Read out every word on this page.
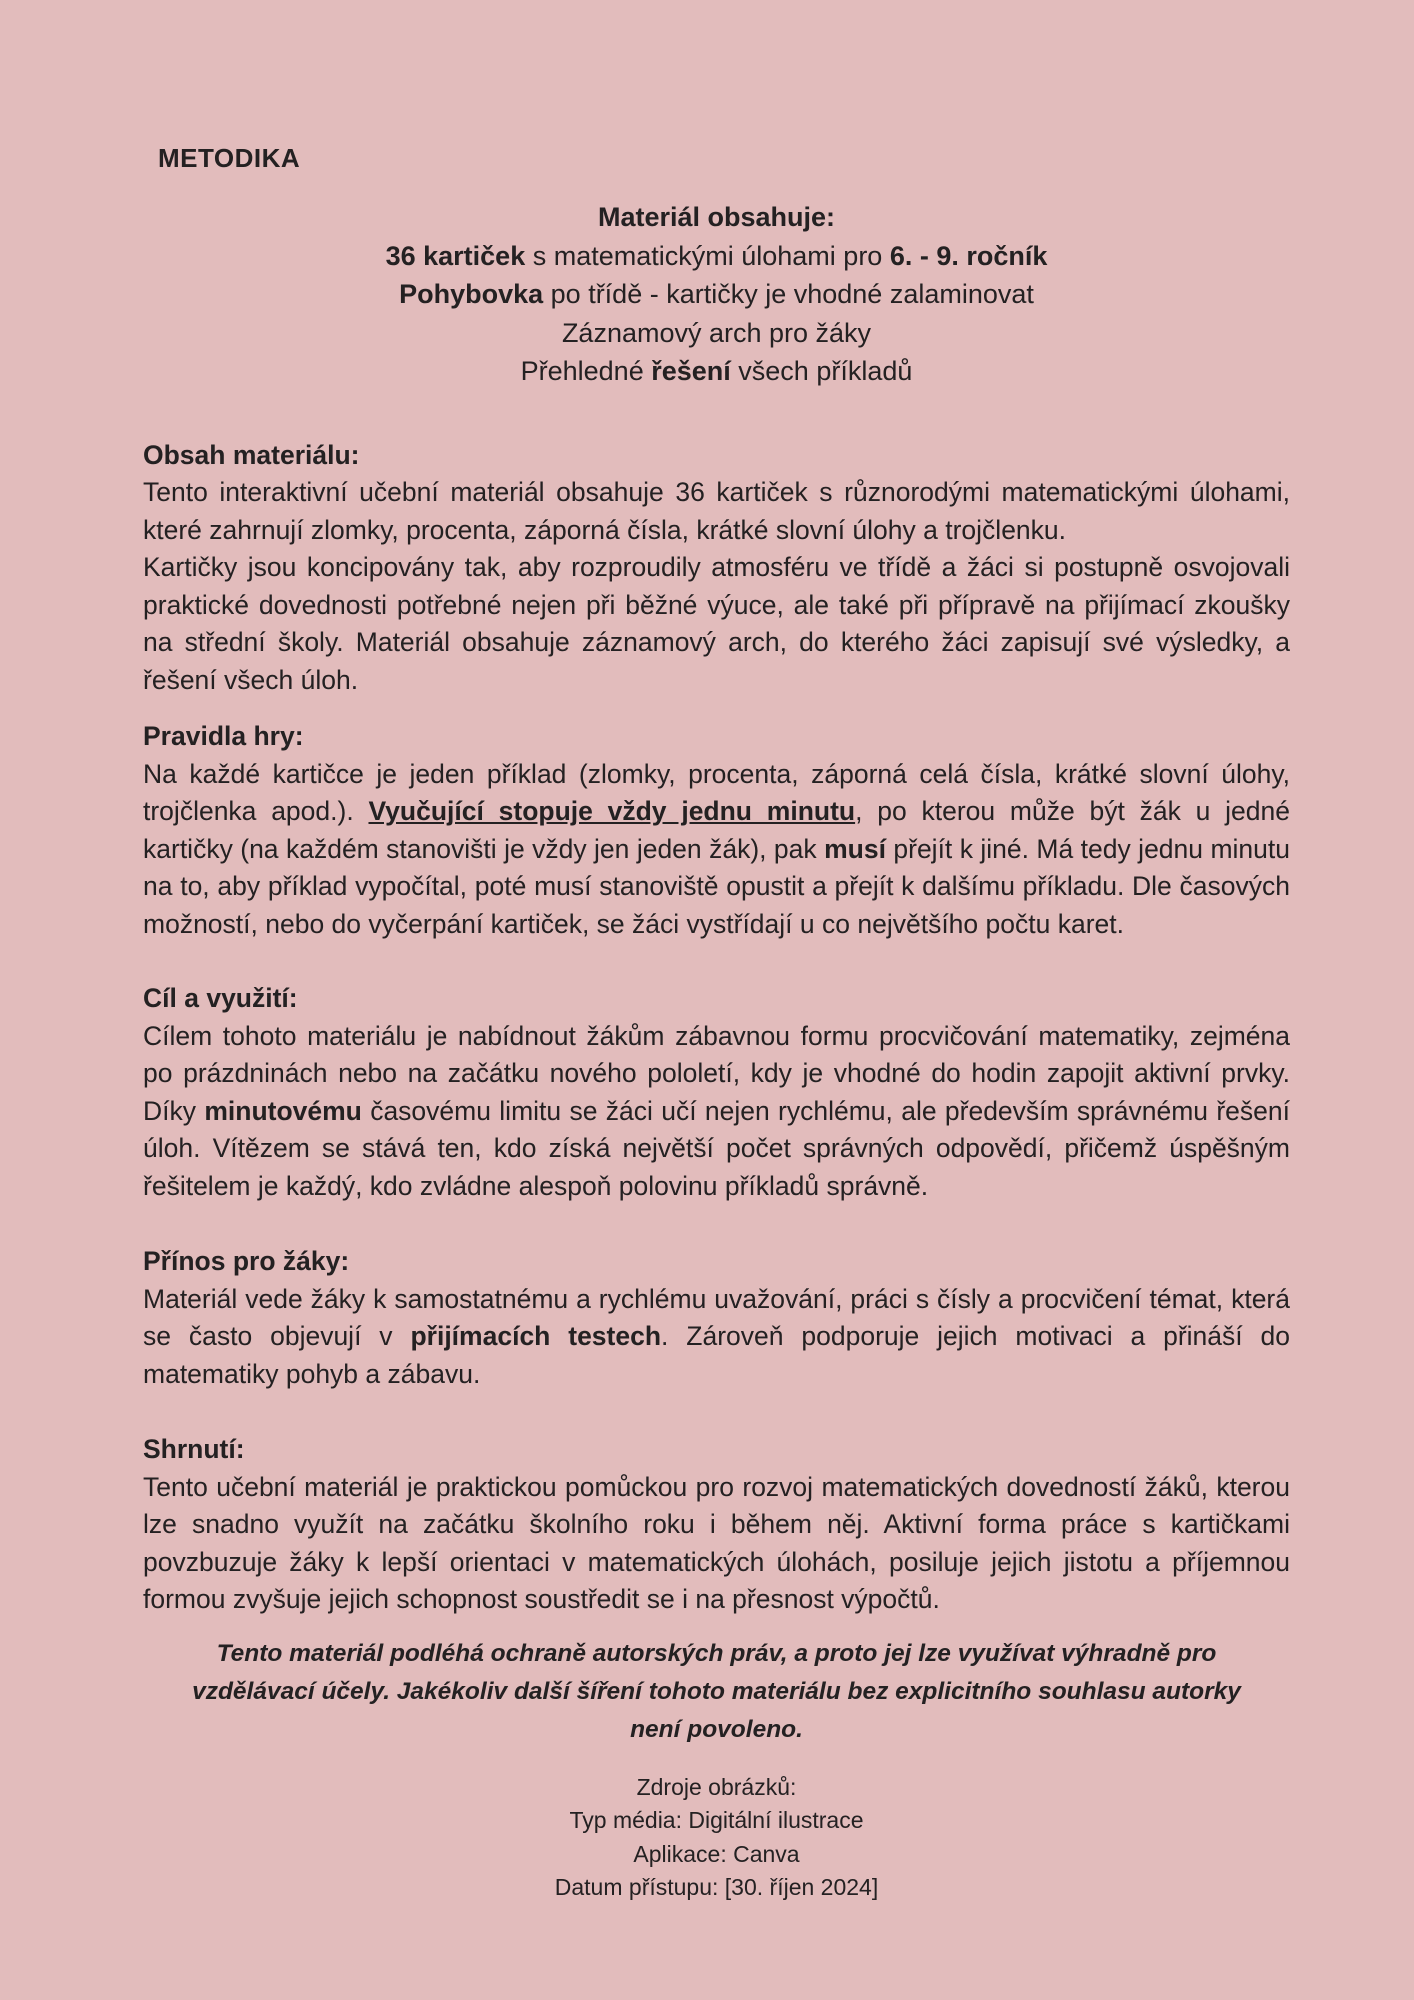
METODIKA
Materiál obsahuje:
36 kartiček s matematickými úlohami pro 6. - 9. ročník
Pohybovka po třídě - kartičky je vhodné zalaminovat
Záznamový arch pro žáky
Přehledné řešení všech příkladů
Obsah materiálu:

Tento interaktivní učební materiál obsahuje 36 kartiček s různorodými matematickými úlohami, které zahrnují zlomky, procenta, záporná čísla, krátké slovní úlohy a trojčlenku.
Kartičky jsou koncipovány tak, aby rozproudily atmosféru ve třídě a žáci si postupně osvojovali praktické dovednosti potřebné nejen při běžné výuce, ale také při přípravě na přijímací zkoušky na střední školy. Materiál obsahuje záznamový arch, do kterého žáci zapisují své výsledky, a řešení všech úloh.

Pravidla hry:

Na každé kartičce je jeden příklad (zlomky, procenta, záporná celá čísla, krátké slovní úlohy, trojčlenka apod.). Vyučující stopuje vždy jednu minutu, po kterou může být žák u jedné kartičky (na každém stanovišti je vždy jen jeden žák), pak musí přejít k jiné. Má tedy jednu minutu na to, aby příklad vypočítal, poté musí stanoviště opustit a přejít k dalšímu příkladu. Dle časových možností, nebo do vyčerpání kartiček, se žáci vystřídají u co největšího počtu karet.

Cíl a využití:

Cílem tohoto materiálu je nabídnout žákům zábavnou formu procvičování matematiky, zejména po prázdninách nebo na začátku nového pololetí, kdy je vhodné do hodin zapojit aktivní prvky. Díky minutovému časovému limitu se žáci učí nejen rychlému, ale především správnému řešení úloh. Vítězem se stává ten, kdo získá největší počet správných odpovědí, přičemž úspěšným řešitelem je každý, kdo zvládne alespoň polovinu příkladů správně.

Přínos pro žáky:

Materiál vede žáky k samostatnému a rychlému uvažování, práci s čísly a procvičení témat, která se často objevují v přijímacích testech. Zároveň podporuje jejich motivaci a přináší do matematiky pohyb a zábavu.

Shrnutí:

Tento učební materiál je praktickou pomůckou pro rozvoj matematických dovedností žáků, kterou lze snadno využít na začátku školního roku i během něj. Aktivní forma práce s kartičkami povzbuzuje žáky k lepší orientaci v matematických úlohách, posiluje jejich jistotu a příjemnou formou zvyšuje jejich schopnost soustředit se i na přesnost výpočtů.

Tento materiál podléhá ochraně autorských práv, a proto jej lze využívat výhradně pro vzdělávací účely. Jakékoliv další šíření tohoto materiálu bez explicitního souhlasu autorky není povoleno.
Zdroje obrázků:
Typ média: Digitální ilustrace
Aplikace: Canva
Datum přístupu: [30. říjen 2024]
